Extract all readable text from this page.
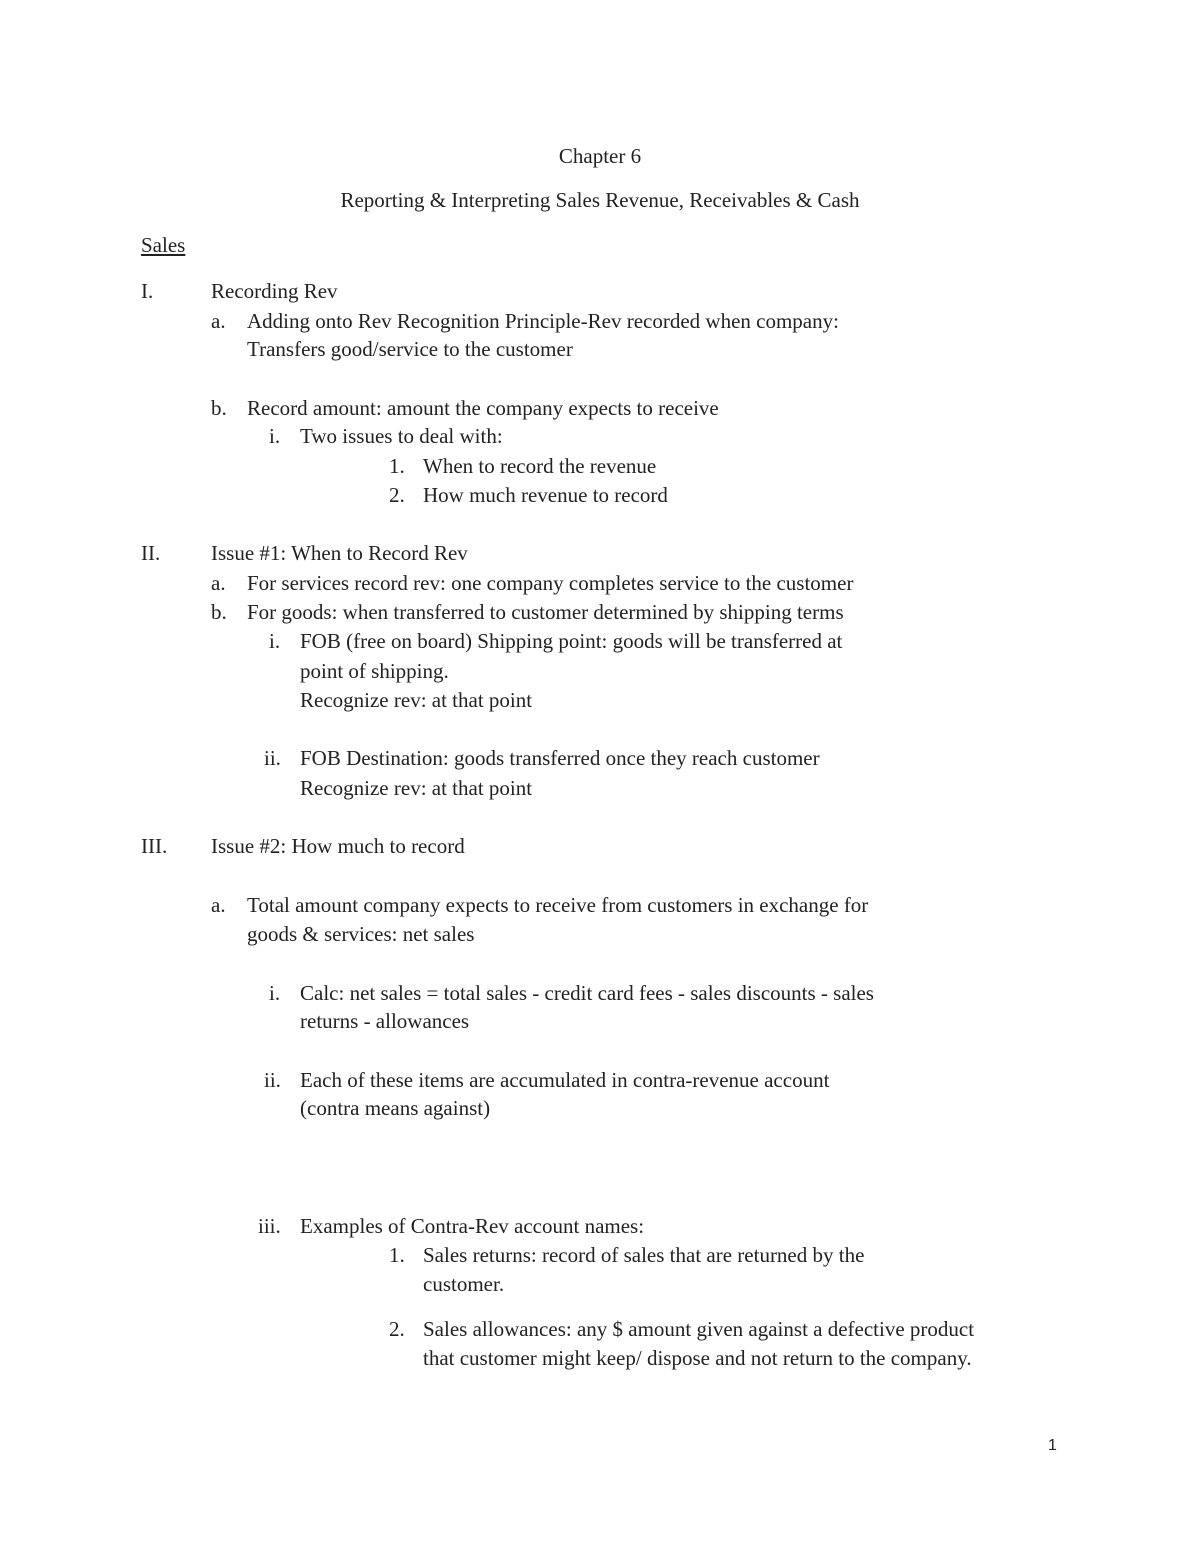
Chapter 6
Reporting & Interpreting Sales Revenue, Receivables & Cash
Sales
I.	Recording Rev
a. Adding onto Rev Recognition Principle-Rev recorded when company:
Transfers good/service to the customer
b. Record amount: amount the company expects to receive
i. Two issues to deal with:
1. When to record the revenue
2. How much revenue to record
II. Issue #1: When to Record Rev
a. For services record rev: one company completes service to the customer
b. For goods: when transferred to customer determined by shipping terms
i. FOB (free on board) Shipping point: goods will be transferred at
point of shipping.
Recognize rev: at that point
ii. FOB Destination: goods transferred once they reach customer
Recognize rev: at that point
III. Issue #2: How much to record
a. Total amount company expects to receive from customers in exchange for
goods & services: net sales
i. Calc: net sales = total sales - credit card fees - sales discounts - sales
returns - allowances
ii. Each of these items are accumulated in contra-revenue account
(contra means against)
iii. Examples of Contra-Rev account names:
1. Sales returns: record of sales that are returned by the
customer.
2. Sales allowances: any $ amount given against a defective product
that customer might keep/ dispose and not return to the company.
1
